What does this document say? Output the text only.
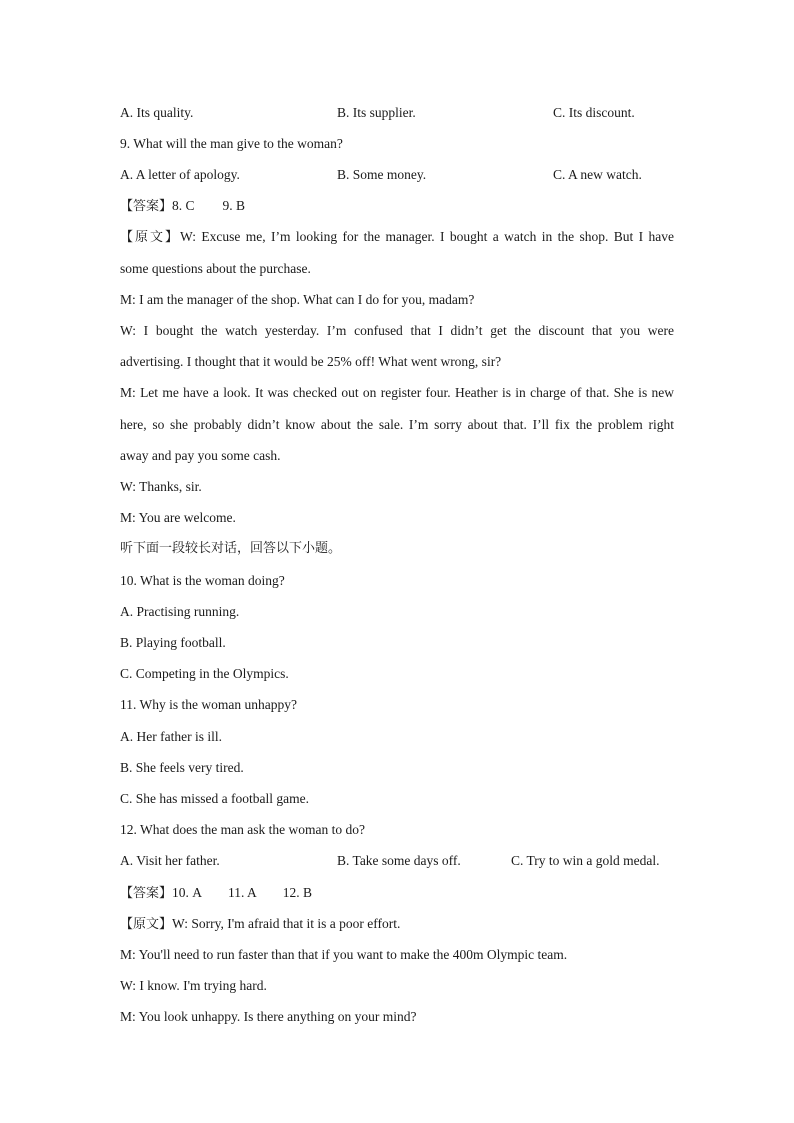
A. Its quality.	B. Its supplier.	C. Its discount.
9. What will the man give to the woman?
A. A letter of apology.	B. Some money.	C. A new watch.
【答案】8. C 9. B
【原文】W: Excuse me, I’m looking for the manager. I bought a watch in the shop. But I have
some questions about the purchase.
M: I am the manager of the shop. What can I do for you, madam?
W: I bought the watch yesterday. I’m confused that I didn’t get the discount that you were
advertising. I thought that it would be 25% off! What went wrong, sir?
M: Let me have a look. It was checked out on register four. Heather is in charge of that. She is new
here, so she probably didn’t know about the sale. I’m sorry about that. I’ll fix the problem right
away and pay you some cash.
W: Thanks, sir.
M: You are welcome.
听下面一段较长对话，回答以下小题。
10. What is the woman doing?
A. Practising running.
B. Playing football.
C. Competing in the Olympics.
11. Why is the woman unhappy?
A. Her father is ill.
B. She feels very tired.
C. She has missed a football game.
12. What does the man ask the woman to do?
A. Visit her father.	B. Take some days off.	C. Try to win a gold medal.
【答案】10. A 11. A 12. B
【原文】W: Sorry, I'm afraid that it is a poor effort.
M: You'll need to run faster than that if you want to make the 400m Olympic team.
W: I know. I'm trying hard.
M: You look unhappy. Is there anything on your mind?
